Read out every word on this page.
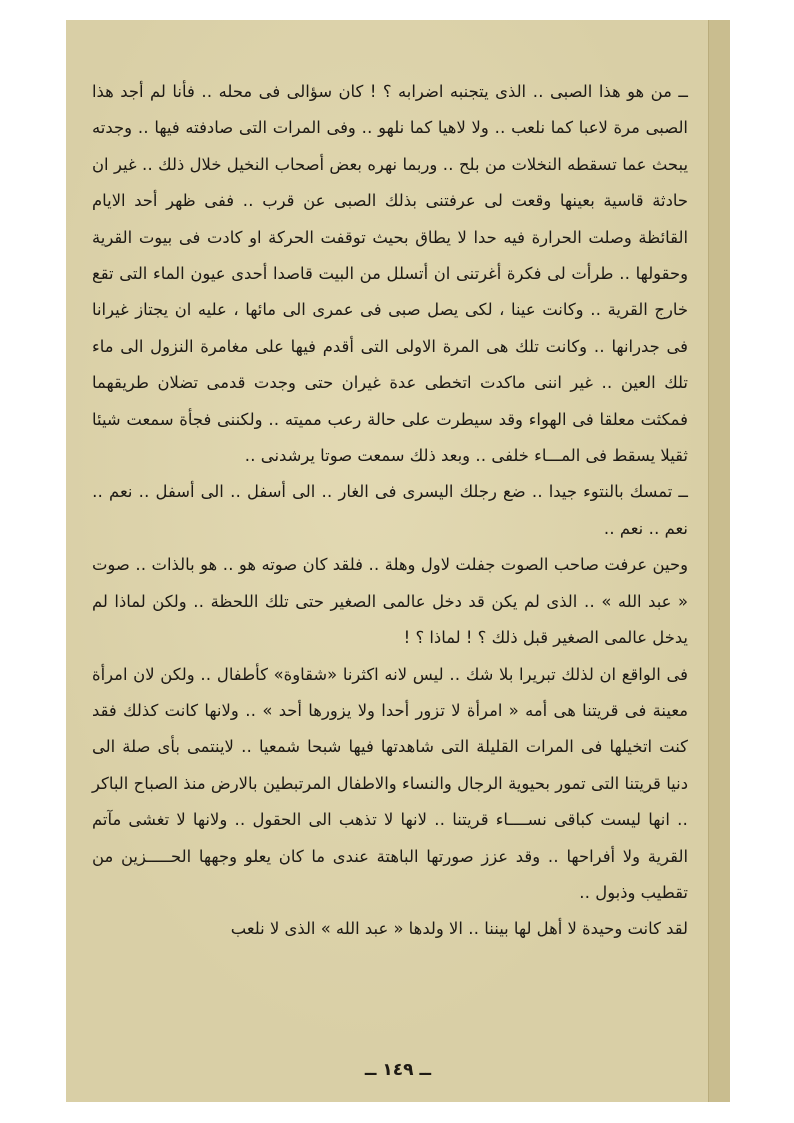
ــ من هو هذا الصبى ‥ الذى يتجنبه اضرابه ؟ ! كان سؤالى فى محله ‥ فأنا لم أجد هذا الصبى مرة لاعبا كما نلعب ‥ ولا لاهيا كما نلهو ‥ وفى المرات التى صادفته فيها ‥ وجدته يبحث عما تسقطه النخلات من بلح ‥ وربما نهره بعض أصحاب النخيل خلال ذلك ‥ غير ان حادثة قاسية بعينها وقعت لى عرفتنى بذلك الصبى عن قرب ‥ ففى ظهر أحد الايام القائظة وصلت الحرارة فيه حدا لا يطاق بحيث توقفت الحركة او كادت فى بيوت القرية وحقولها ‥ طرأت لى فكرة أغرتنى ان أتسلل من البيت قاصدا أحدى عيون الماء التى تقع خارج القرية ‥ وكانت عينا ، لكى يصل صبى فى عمرى الى مائها ، عليه ان يجتاز غيرانا فى جدرانها ‥ وكانت تلك هى المرة الاولى التى أقدم فيها على مغامرة النزول الى ماء تلك العين ‥ غير اننى ماكدت اتخطى عدة غيران حتى وجدت قدمى تضلان طريقهما فمكثت معلقا فى الهواء وقد سيطرت على حالة رعب مميته ‥ ولكننى فجأة سمعت شيئا ثقيلا يسقط فى المـــاء خلفى ‥ وبعد ذلك سمعت صوتا يرشدنى ‥

ــ تمسك بالنتوء جيدا ‥ ضع رجلك اليسرى فى الغار ‥ الى أسفل ‥ الى أسفل ‥ نعم ‥ نعم ‥ نعم ‥

وحين عرفت صاحب الصوت جفلت لاول وهلة ‥ فلقد كان صوته هو ‥ هو بالذات ‥ صوت « عبد الله » ‥ الذى لم يكن قد دخل عالمى الصغير حتى تلك اللحظة ‥ ولكن لماذا لم يدخل عالمى الصغير قبل ذلك ؟ ! لماذا ؟ !

فى الواقع ان لذلك تبريرا بلا شك ‥ ليس لانه اكثرنا «شقاوة» كأطفال ‥ ولكن لان امرأة معينة فى قريتنا هى أمه « امرأة لا تزور أحدا ولا يزورها أحد » ‥ ولانها كانت كذلك فقد كنت اتخيلها فى المرات القليلة التى شاهدتها فيها شبحا شمعيا ‥ لاينتمى بأى صلة الى دنيا قريتنا التى تمور بحيوية الرجال والنساء والاطفال المرتبطين بالارض منذ الصباح الباكر ‥ انها ليست كباقى نســــاء قريتنا ‥ لانها لا تذهب الى الحقول ‥ ولانها لا تغشى مآتم القرية ولا أفراحها ‥ وقد عزز صورتها الباهتة عندى ما كان يعلو وجهها الحـــــزين من تقطيب وذبول ‥

لقد كانت وحيدة لا أهل لها بيننا ‥ الا ولدها « عبد الله » الذى لا نلعب

ــ ١٤٩ ــ
